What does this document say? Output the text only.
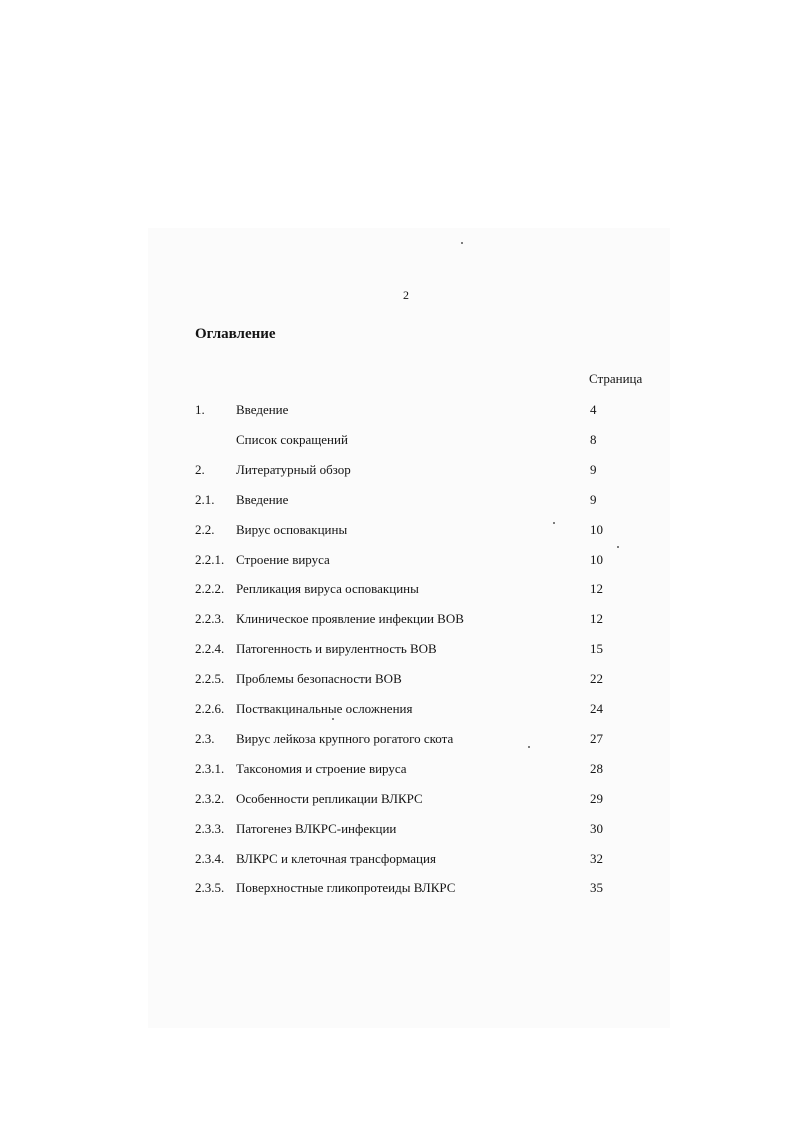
2
Оглавление
Страница
1. Введение	4
Список сокращений	8
2. Литературный обзор	9
2.1. Введение	9
2.2. Вирус осповакцины	10
2.2.1. Строение вируса	10
2.2.2. Репликация вируса осповакцины	12
2.2.3. Клиническое проявление инфекции ВОВ	12
2.2.4. Патогенность и вирулентность ВОВ	15
2.2.5. Проблемы безопасности ВОВ	22
2.2.6. Поствакцинальные осложнения	24
2.3. Вирус лейкоза крупного рогатого скота	27
2.3.1. Таксономия и строение вируса	28
2.3.2. Особенности репликации ВЛКРС	29
2.3.3. Патогенез ВЛКРС-инфекции	30
2.3.4. ВЛКРС и клеточная трансформация	32
2.3.5. Поверхностные гликопротеиды ВЛКРС	35
